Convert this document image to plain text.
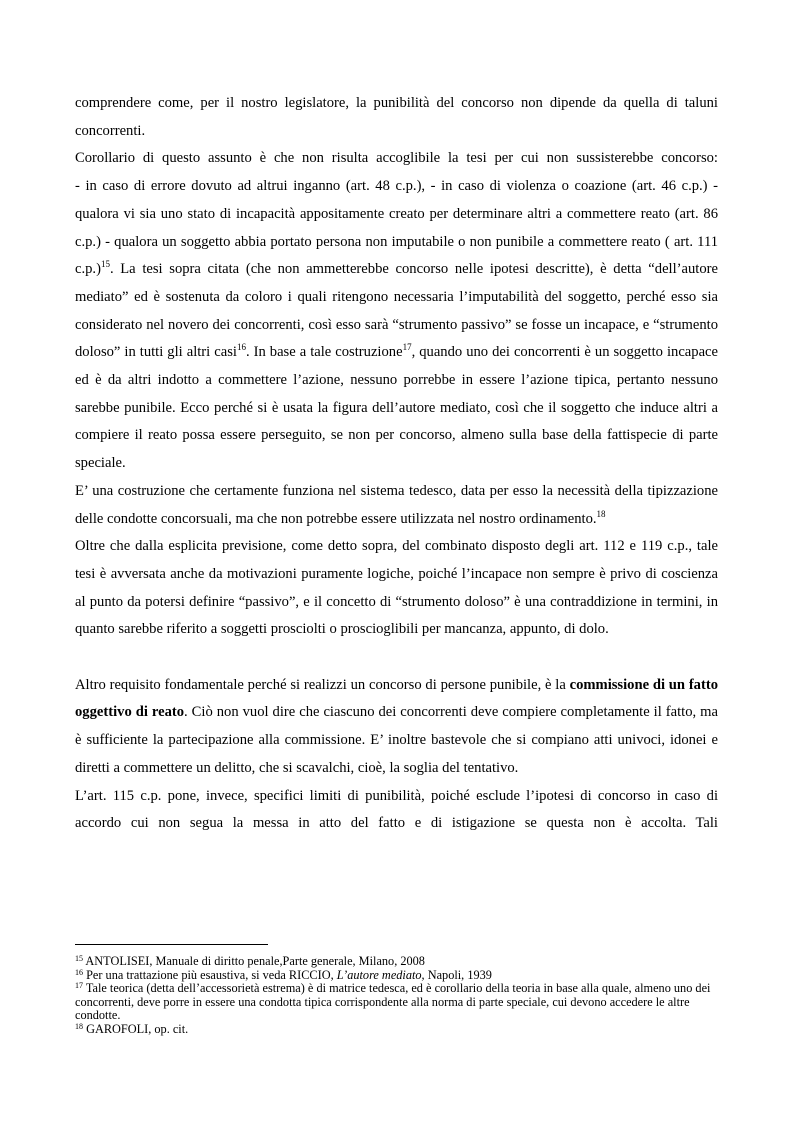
comprendere come, per il nostro legislatore, la punibilità del concorso non dipende da quella di taluni concorrenti.

Corollario di questo assunto è che non risulta accoglibile la tesi per cui non sussisterebbe concorso:

- in caso di errore dovuto ad altrui inganno (art. 48 c.p.), - in caso di violenza o coazione (art. 46 c.p.) - qualora vi sia uno stato di incapacità appositamente creato per determinare altri a commettere reato (art. 86 c.p.) - qualora un soggetto abbia portato persona non imputabile o non punibile a commettere reato ( art. 111 c.p.)$^{15}$. La tesi sopra citata (che non ammetterebbe concorso nelle ipotesi descritte), è detta “dell’autore mediato” ed è sostenuta da coloro i quali ritengono necessaria l’imputabilità del soggetto, perché esso sia considerato nel novero dei concorrenti, così esso sarà “strumento passivo” se fosse un incapace, e “strumento doloso” in tutti gli altri casi$^{16}$. In base a tale costruzione$^{17}$, quando uno dei concorrenti è un soggetto incapace ed è da altri indotto a commettere l’azione, nessuno porrebbe in essere l’azione tipica, pertanto nessuno sarebbe punibile. Ecco perché si è usata la figura dell’autore mediato, così che il soggetto che induce altri a compiere il reato possa essere perseguito, se non per concorso, almeno sulla base della fattispecie di parte speciale.

E’ una costruzione che certamente funziona nel sistema tedesco, data per esso la necessità della tipizzazione delle condotte concorsuali, ma che non potrebbe essere utilizzata nel nostro ordinamento.$^{18}$

Oltre che dalla esplicita previsione, come detto sopra, del combinato disposto degli art. 112 e 119 c.p., tale tesi è avversata anche da motivazioni puramente logiche, poiché l’incapace non sempre è privo di coscienza al punto da potersi definire “passivo”, e il concetto di “strumento doloso” è una contraddizione in termini, in quanto sarebbe riferito a soggetti prosciolti o proscioglibili per mancanza, appunto, di dolo.

Altro requisito fondamentale perché si realizzi un concorso di persone punibile, è la commissione di un fatto oggettivo di reato. Ciò non vuol dire che ciascuno dei concorrenti deve compiere completamente il fatto, ma è sufficiente la partecipazione alla commissione. E’ inoltre bastevole che si compiano atti univoci, idonei e diretti a commettere un delitto, che si scavalchi, cioè, la soglia del tentativo.

L’art. 115 c.p. pone, invece, specifici limiti di punibilità, poiché esclude l’ipotesi di concorso in caso di accordo cui non segua la messa in atto del fatto e di istigazione se questa non è accolta. Tali

$^{15}$ ANTOLISEI, Manuale di diritto penale,Parte generale, Milano, 2008

$^{16}$ Per una trattazione più esaustiva, si veda RICCIO, L’autore mediato, Napoli, 1939

$^{17}$ Tale teorica (detta dell’accessorietà estrema) è di matrice tedesca, ed è corollario della teoria in base alla quale, almeno uno dei concorrenti, deve porre in essere una condotta tipica corrispondente alla norma di parte speciale, cui devono accedere le altre condotte.

$^{18}$ GAROFOLI, op. cit.
